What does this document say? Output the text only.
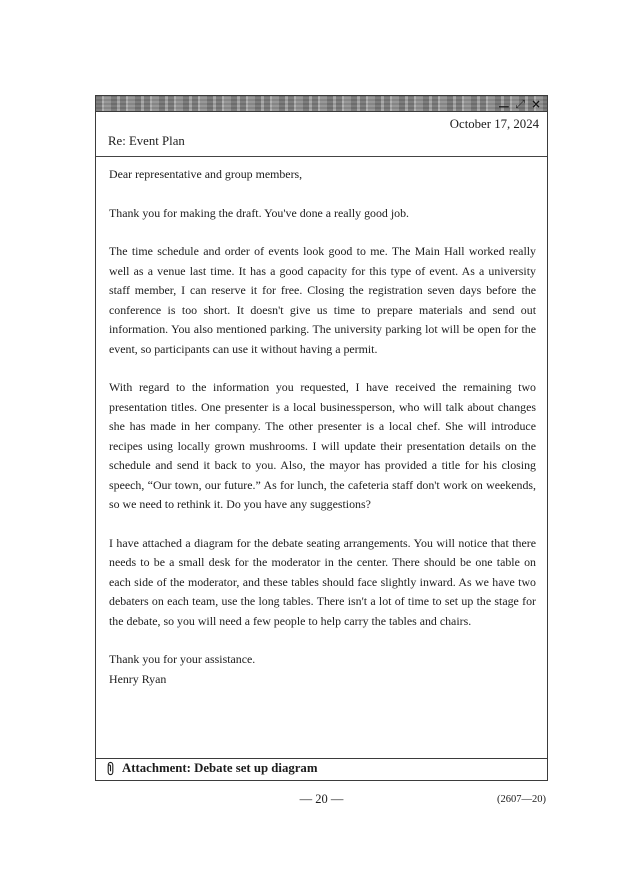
— ⤢ ×
October 17, 2024
Re: Event Plan

Dear representative and group members,

Thank you for making the draft. You've done a really good job.

The time schedule and order of events look good to me. The Main Hall worked really well as a venue last time. It has a good capacity for this type of event. As a university staff member, I can reserve it for free. Closing the registration seven days before the conference is too short. It doesn't give us time to prepare materials and send out information. You also mentioned parking. The university parking lot will be open for the event, so participants can use it without having a permit.

With regard to the information you requested, I have received the remaining two presentation titles. One presenter is a local businessperson, who will talk about changes she has made in her company. The other presenter is a local chef. She will introduce recipes using locally grown mushrooms. I will update their presentation details on the schedule and send it back to you. Also, the mayor has provided a title for his closing speech, “Our town, our future.” As for lunch, the cafeteria staff don't work on weekends, so we need to rethink it. Do you have any suggestions?

I have attached a diagram for the debate seating arrangements. You will notice that there needs to be a small desk for the moderator in the center. There should be one table on each side of the moderator, and these tables should face slightly inward. As we have two debaters on each team, use the long tables. There isn't a lot of time to set up the stage for the debate, so you will need a few people to help carry the tables and chairs.

Thank you for your assistance.
Henry Ryan

Attachment: Debate set up diagram
— 20 —	(2607—20)
